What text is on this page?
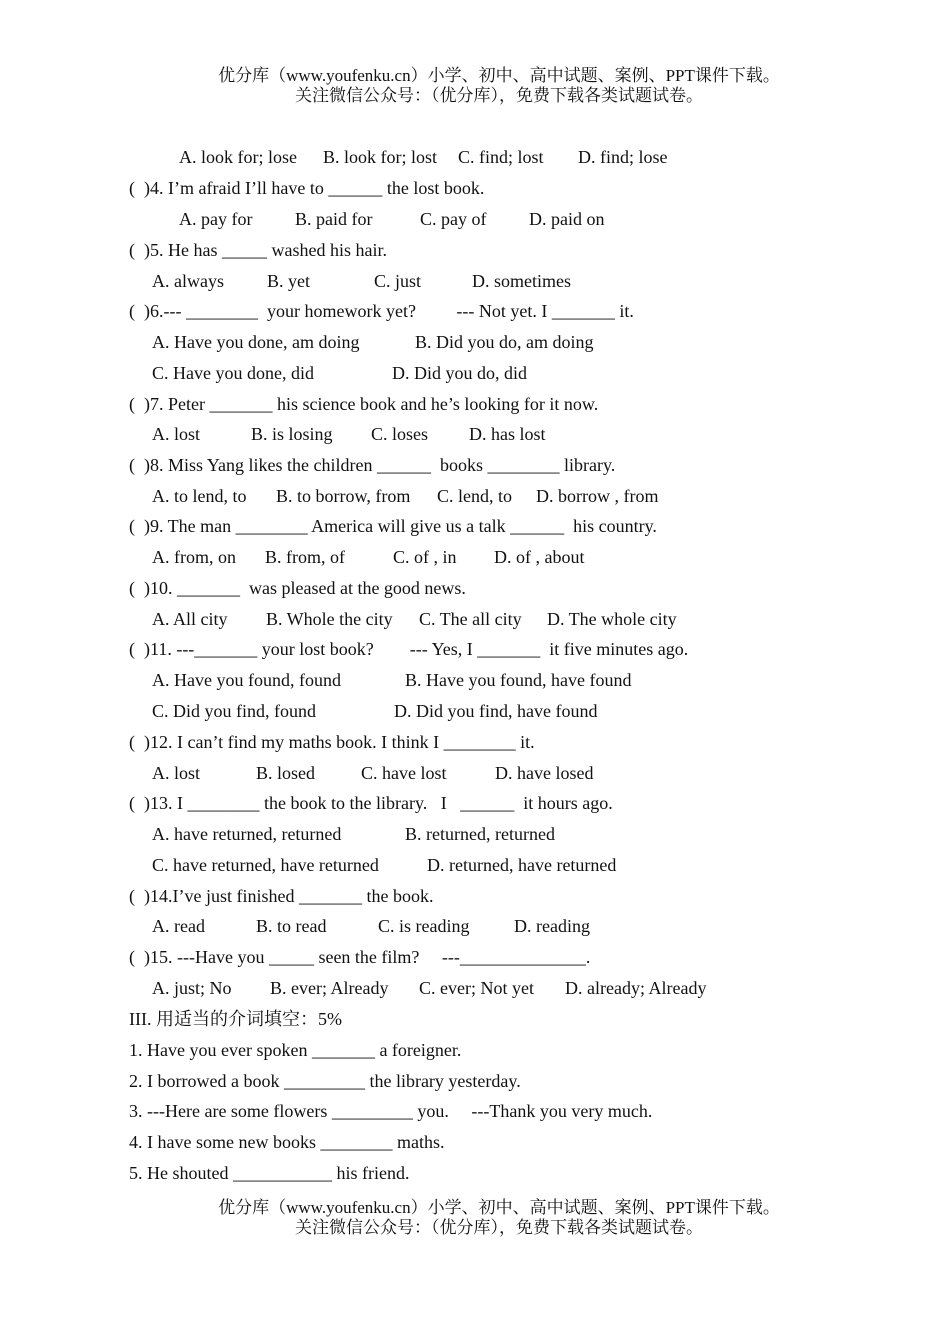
优分库（www.youfenku.cn）小学、初中、高中试题、案例、PPT课件下载。
关注微信公众号：（优分库），免费下载各类试题试卷。
A. look for; lose B. look for; lost C. find; lost D. find; lose
(  )4. I’m afraid I’ll have to ______ the lost book.
A. pay for B. paid for	C. pay of D. paid on
(  )5. He has _____ washed his hair.
A. always B. yet	C. just	D. sometimes
(  )6.--- ________  your homework yet?         --- Not yet. I _______ it.
A. Have you done, am doing	B. Did you do, am doing
C. Have you done, did	D. Did you do, did
(  )7. Peter _______ his science book and he’s looking for it now.
A. lost	B. is losing C. loses D. has lost
(  )8. Miss Yang likes the children ______  books ________ library.
A. to lend, to B. to borrow, from C. lend, to D. borrow , from
(  )9. The man ________ America will give us a talk ______  his country.
A. from, on B. from, of	C. of , in D. of , about
(  )10. _______  was pleased at the good news.
A. All city B. Whole the city C. The all city D. The whole city
(  )11. ---_______ your lost book?        --- Yes, I _______  it five minutes ago.
A. Have you found, found	B. Have you found, have found
C. Did you find, found	D. Did you find, have found
(  )12. I can’t find my maths book. I think I ________ it.
A. lost	B. losed	C. have lost	D. have losed
(  )13. I ________ the book to the library.   I   ______  it hours ago.
A. have returned, returned	B. returned, returned
C. have returned, have returned	D. returned, have returned
(  )14.I’ve just finished _______ the book.
A. read	B. to read	C. is reading D. reading
(  )15. ---Have you _____ seen the film?     ---______________.
A. just; No B. ever; Already C. ever; Not yet D. already; Already
III. 用适当的介词填空：5%
1. Have you ever spoken _______ a foreigner.
2. I borrowed a book _________ the library yesterday.
3. ---Here are some flowers _________ you.     ---Thank you very much.
4. I have some new books ________ maths.
5. He shouted ___________ his friend.
优分库（www.youfenku.cn）小学、初中、高中试题、案例、PPT课件下载。
关注微信公众号：（优分库），免费下载各类试题试卷。
